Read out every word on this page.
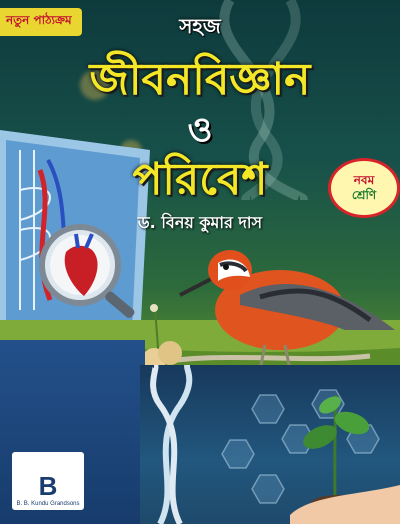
নতুন পাঠ্যক্রম	সহজ
জীবনবিজ্ঞান
ও
পরিবেশ
ড. বিনয় কুমার দাস
নবম
শ্রেণি
B
B. B. Kundu Grandsons
